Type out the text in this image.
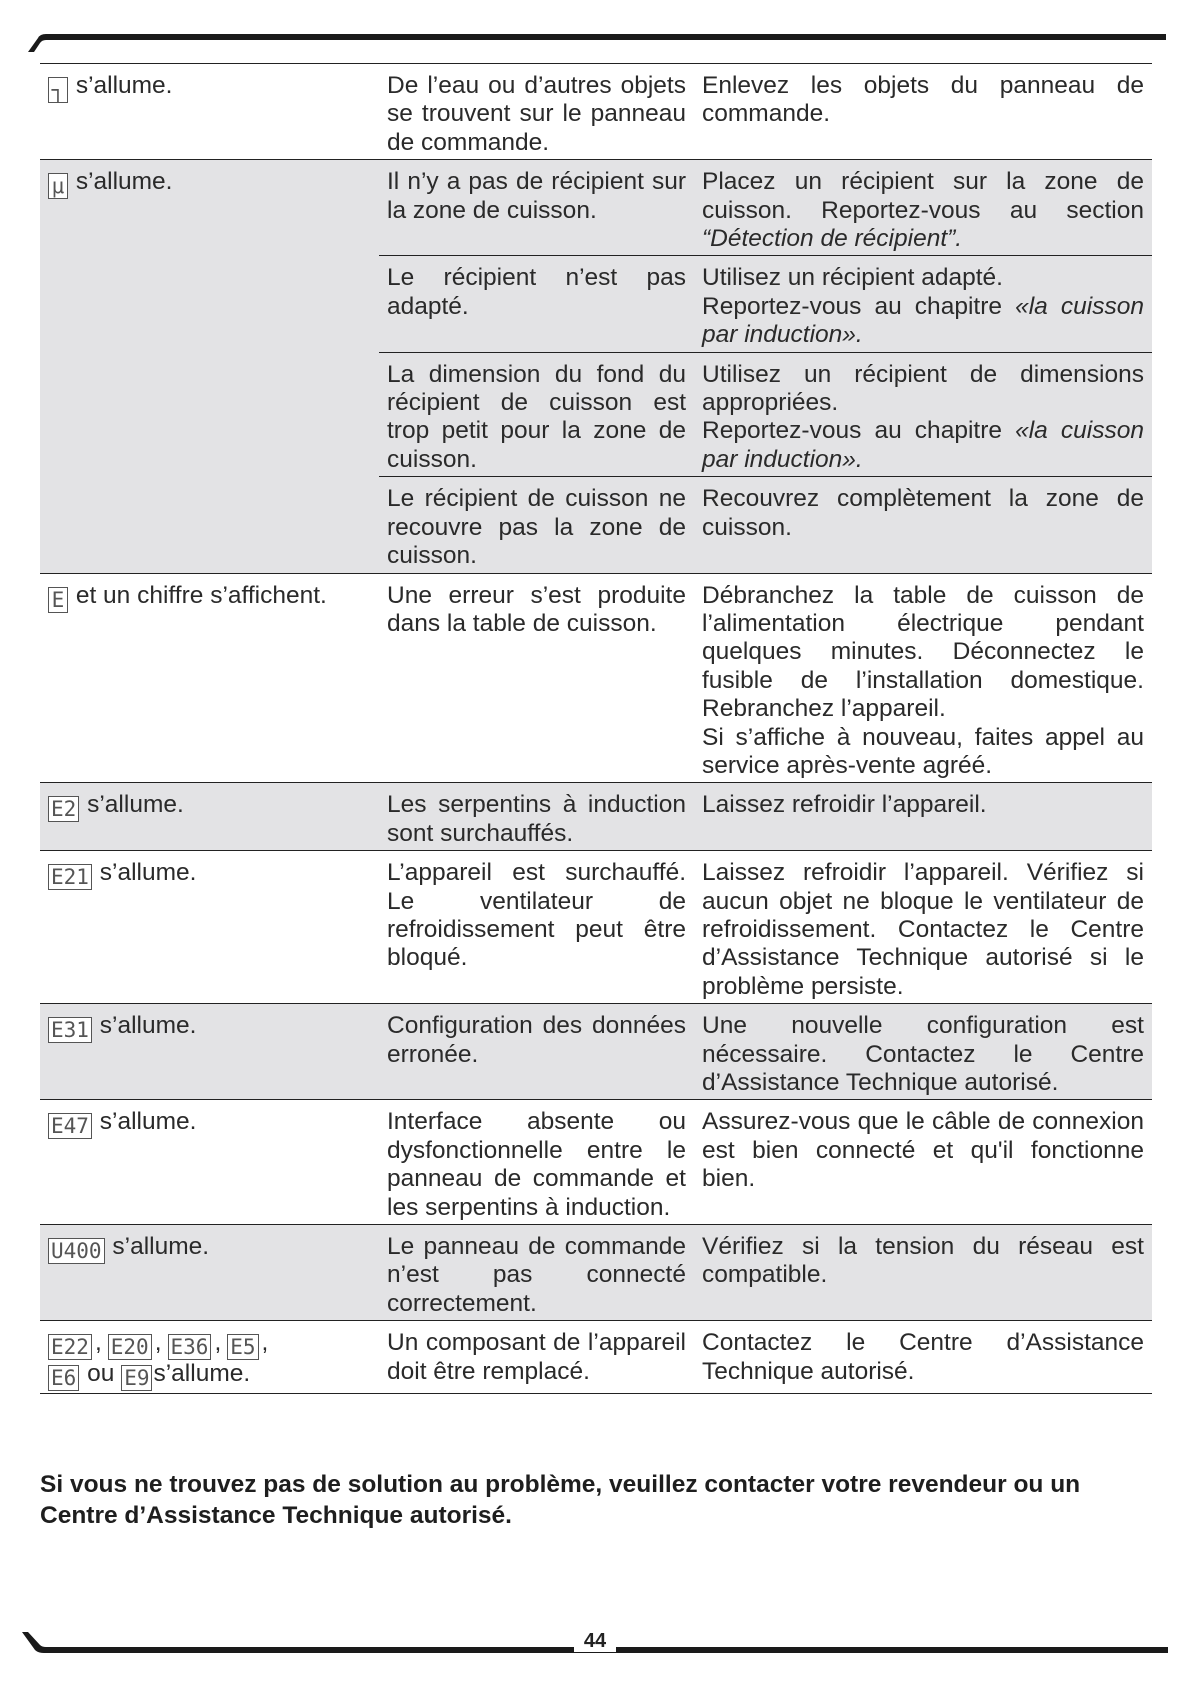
┐ s’allume.	De l’eau ou d’autres objets se trouvent sur le panneau de commande.	Enlevez les objets du panneau de commande.
μ s’allume.	Il n’y a pas de récipient sur la zone de cuisson.	Placez un récipient sur la zone de cuisson. Reportez-vous au section “Détection de récipient”.
	Le récipient n’est pas adapté.	Utilisez un récipient adapté.
Reportez-vous au chapitre «la cuisson par induction».
	La dimension du fond du récipient de cuisson est trop petit pour la zone de cuisson.	Utilisez un récipient de dimensions appropriées.
Reportez-vous au chapitre «la cuisson par induction».
	Le récipient de cuisson ne recouvre pas la zone de cuisson.	Recouvrez complètement la zone de cuisson.
E et un chiffre s’affichent.	Une erreur s’est produite dans la table de cuisson.	Débranchez la table de cuisson de l’alimentation électrique pendant quelques minutes. Déconnectez le fusible de l’installation domestique. Rebranchez l’appareil.
Si s’affiche à nouveau, faites appel au service après-vente agréé.
E2 s’allume.	Les serpentins à induction sont surchauffés.	Laissez refroidir l’appareil.
E21 s’allume.	L’appareil est surchauffé. Le ventilateur de refroidissement peut être bloqué.	Laissez refroidir l’appareil. Vérifiez si aucun objet ne bloque le ventilateur de refroidissement. Contactez le Centre d’Assistance Technique autorisé si le problème persiste.
E31 s’allume.	Configuration des données erronée.	Une nouvelle configuration est nécessaire. Contactez le Centre d’Assistance Technique autorisé.
E47 s’allume.	Interface absente ou dysfonctionnelle entre le panneau de commande et les serpentins à induction.	Assurez-vous que le câble de connexion est bien connecté et qu'il fonctionne bien.
U400 s’allume.	Le panneau de commande n’est pas connecté correctement.	Vérifiez si la tension du réseau est compatible.
E22 , E20 , E36 , E5 ,
E6 ou E9 s’allume.	Un composant de l’appareil doit être remplacé.	Contactez le Centre d’Assistance Technique autorisé.
Si vous ne trouvez pas de solution au problème, veuillez contacter votre revendeur ou un Centre d’Assistance Technique autorisé.
44
